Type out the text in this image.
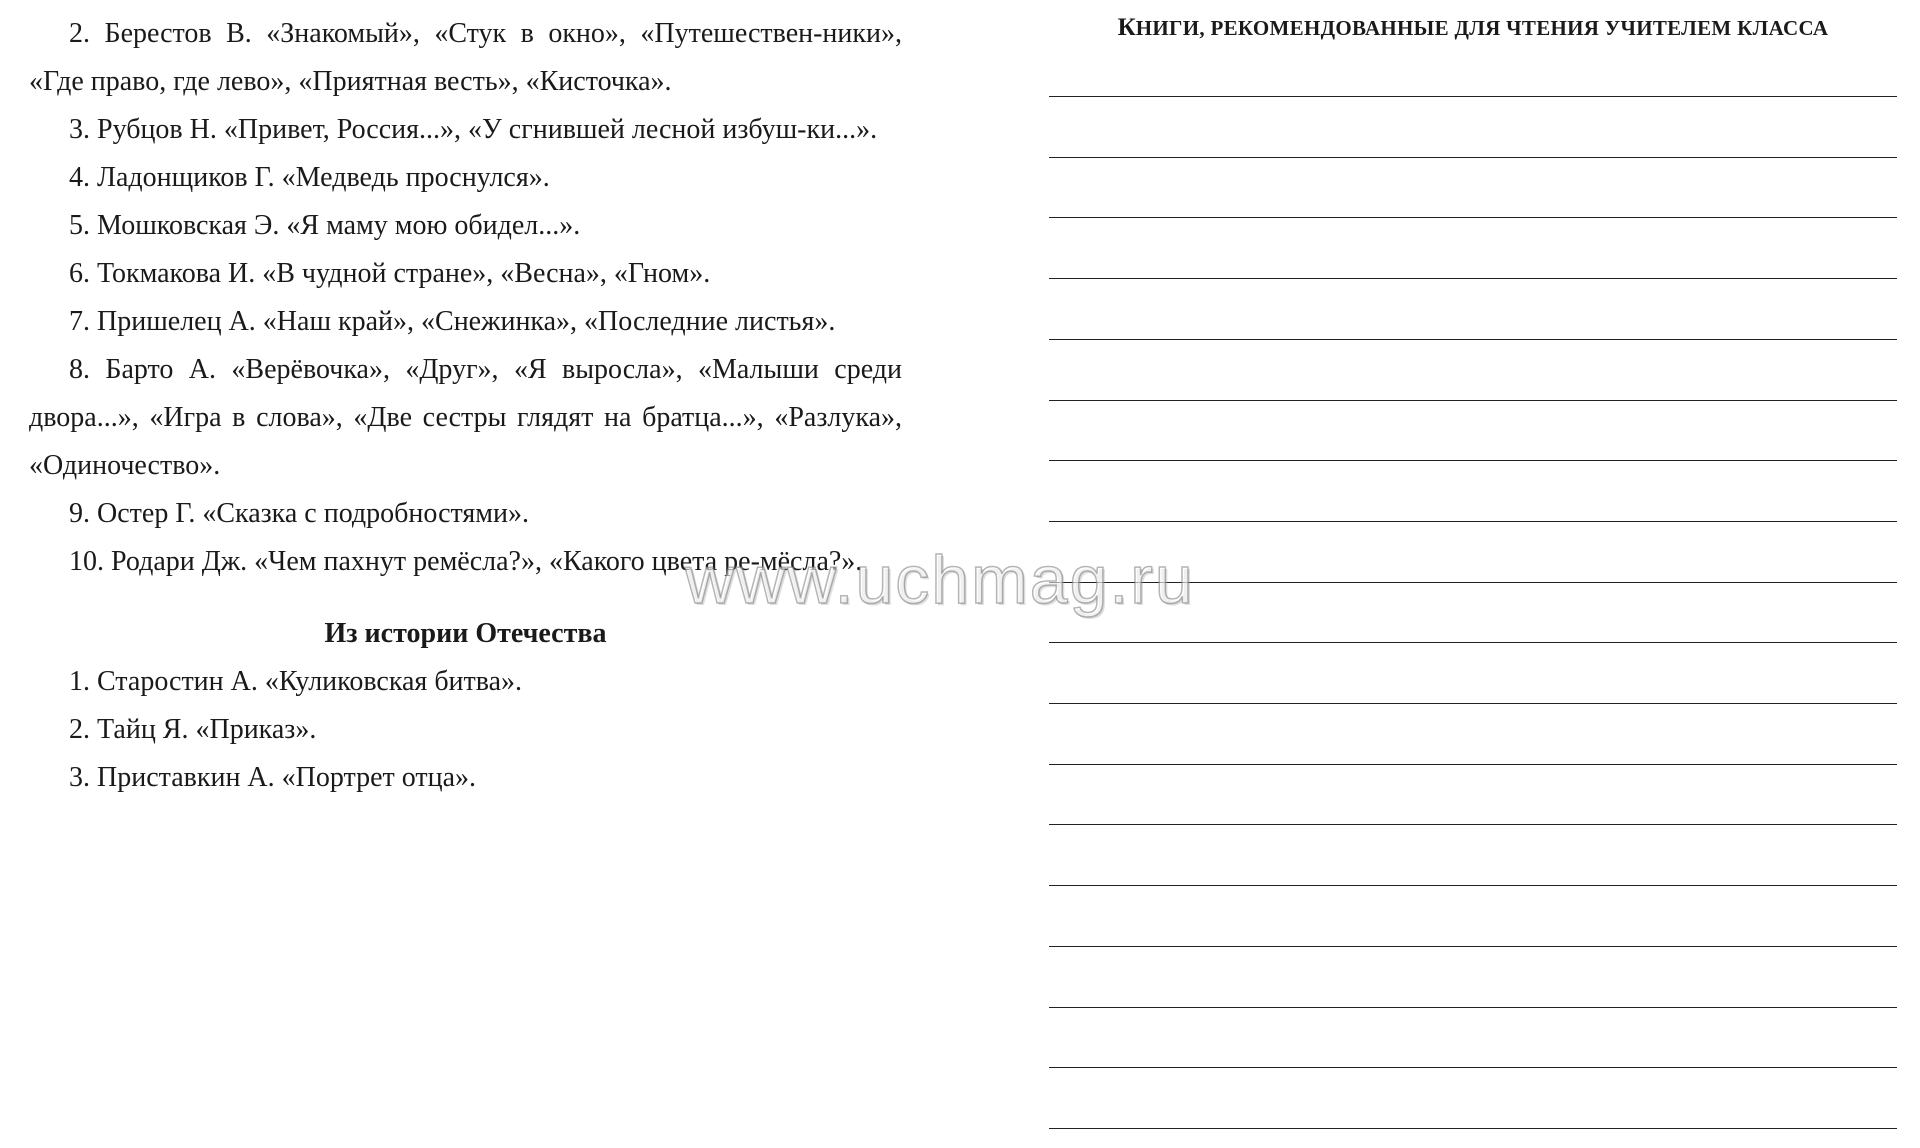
2. Берестов В. «Знакомый», «Стук в окно», «Путешествен-ники», «Где право, где лево», «Приятная весть», «Кисточка».

3. Рубцов Н. «Привет, Россия...», «У сгнившей лесной избуш-ки...».

4. Ладонщиков Г. «Медведь проснулся».

5. Мошковская Э. «Я маму мою обидел...».

6. Токмакова И. «В чудной стране», «Весна», «Гном».

7. Пришелец А. «Наш край», «Снежинка», «Последние листья».

8. Барто А. «Верёвочка», «Друг», «Я выросла», «Малыши среди двора...», «Игра в слова», «Две сестры глядят на братца...», «Разлука», «Одиночество».

9. Остер Г. «Сказка с подробностями».

10. Родари Дж. «Чем пахнут ремёсла?», «Какого цвета ре-мёсла?».

Из истории Отечества

1. Старостин А. «Куликовская битва».

2. Тайц Я. «Приказ».

3. Приставкин А. «Портрет отца».

КНИГИ, РЕКОМЕНДОВАННЫЕ ДЛЯ ЧТЕНИЯ УЧИТЕЛЕМ КЛАССА
www.uchmag.ru
